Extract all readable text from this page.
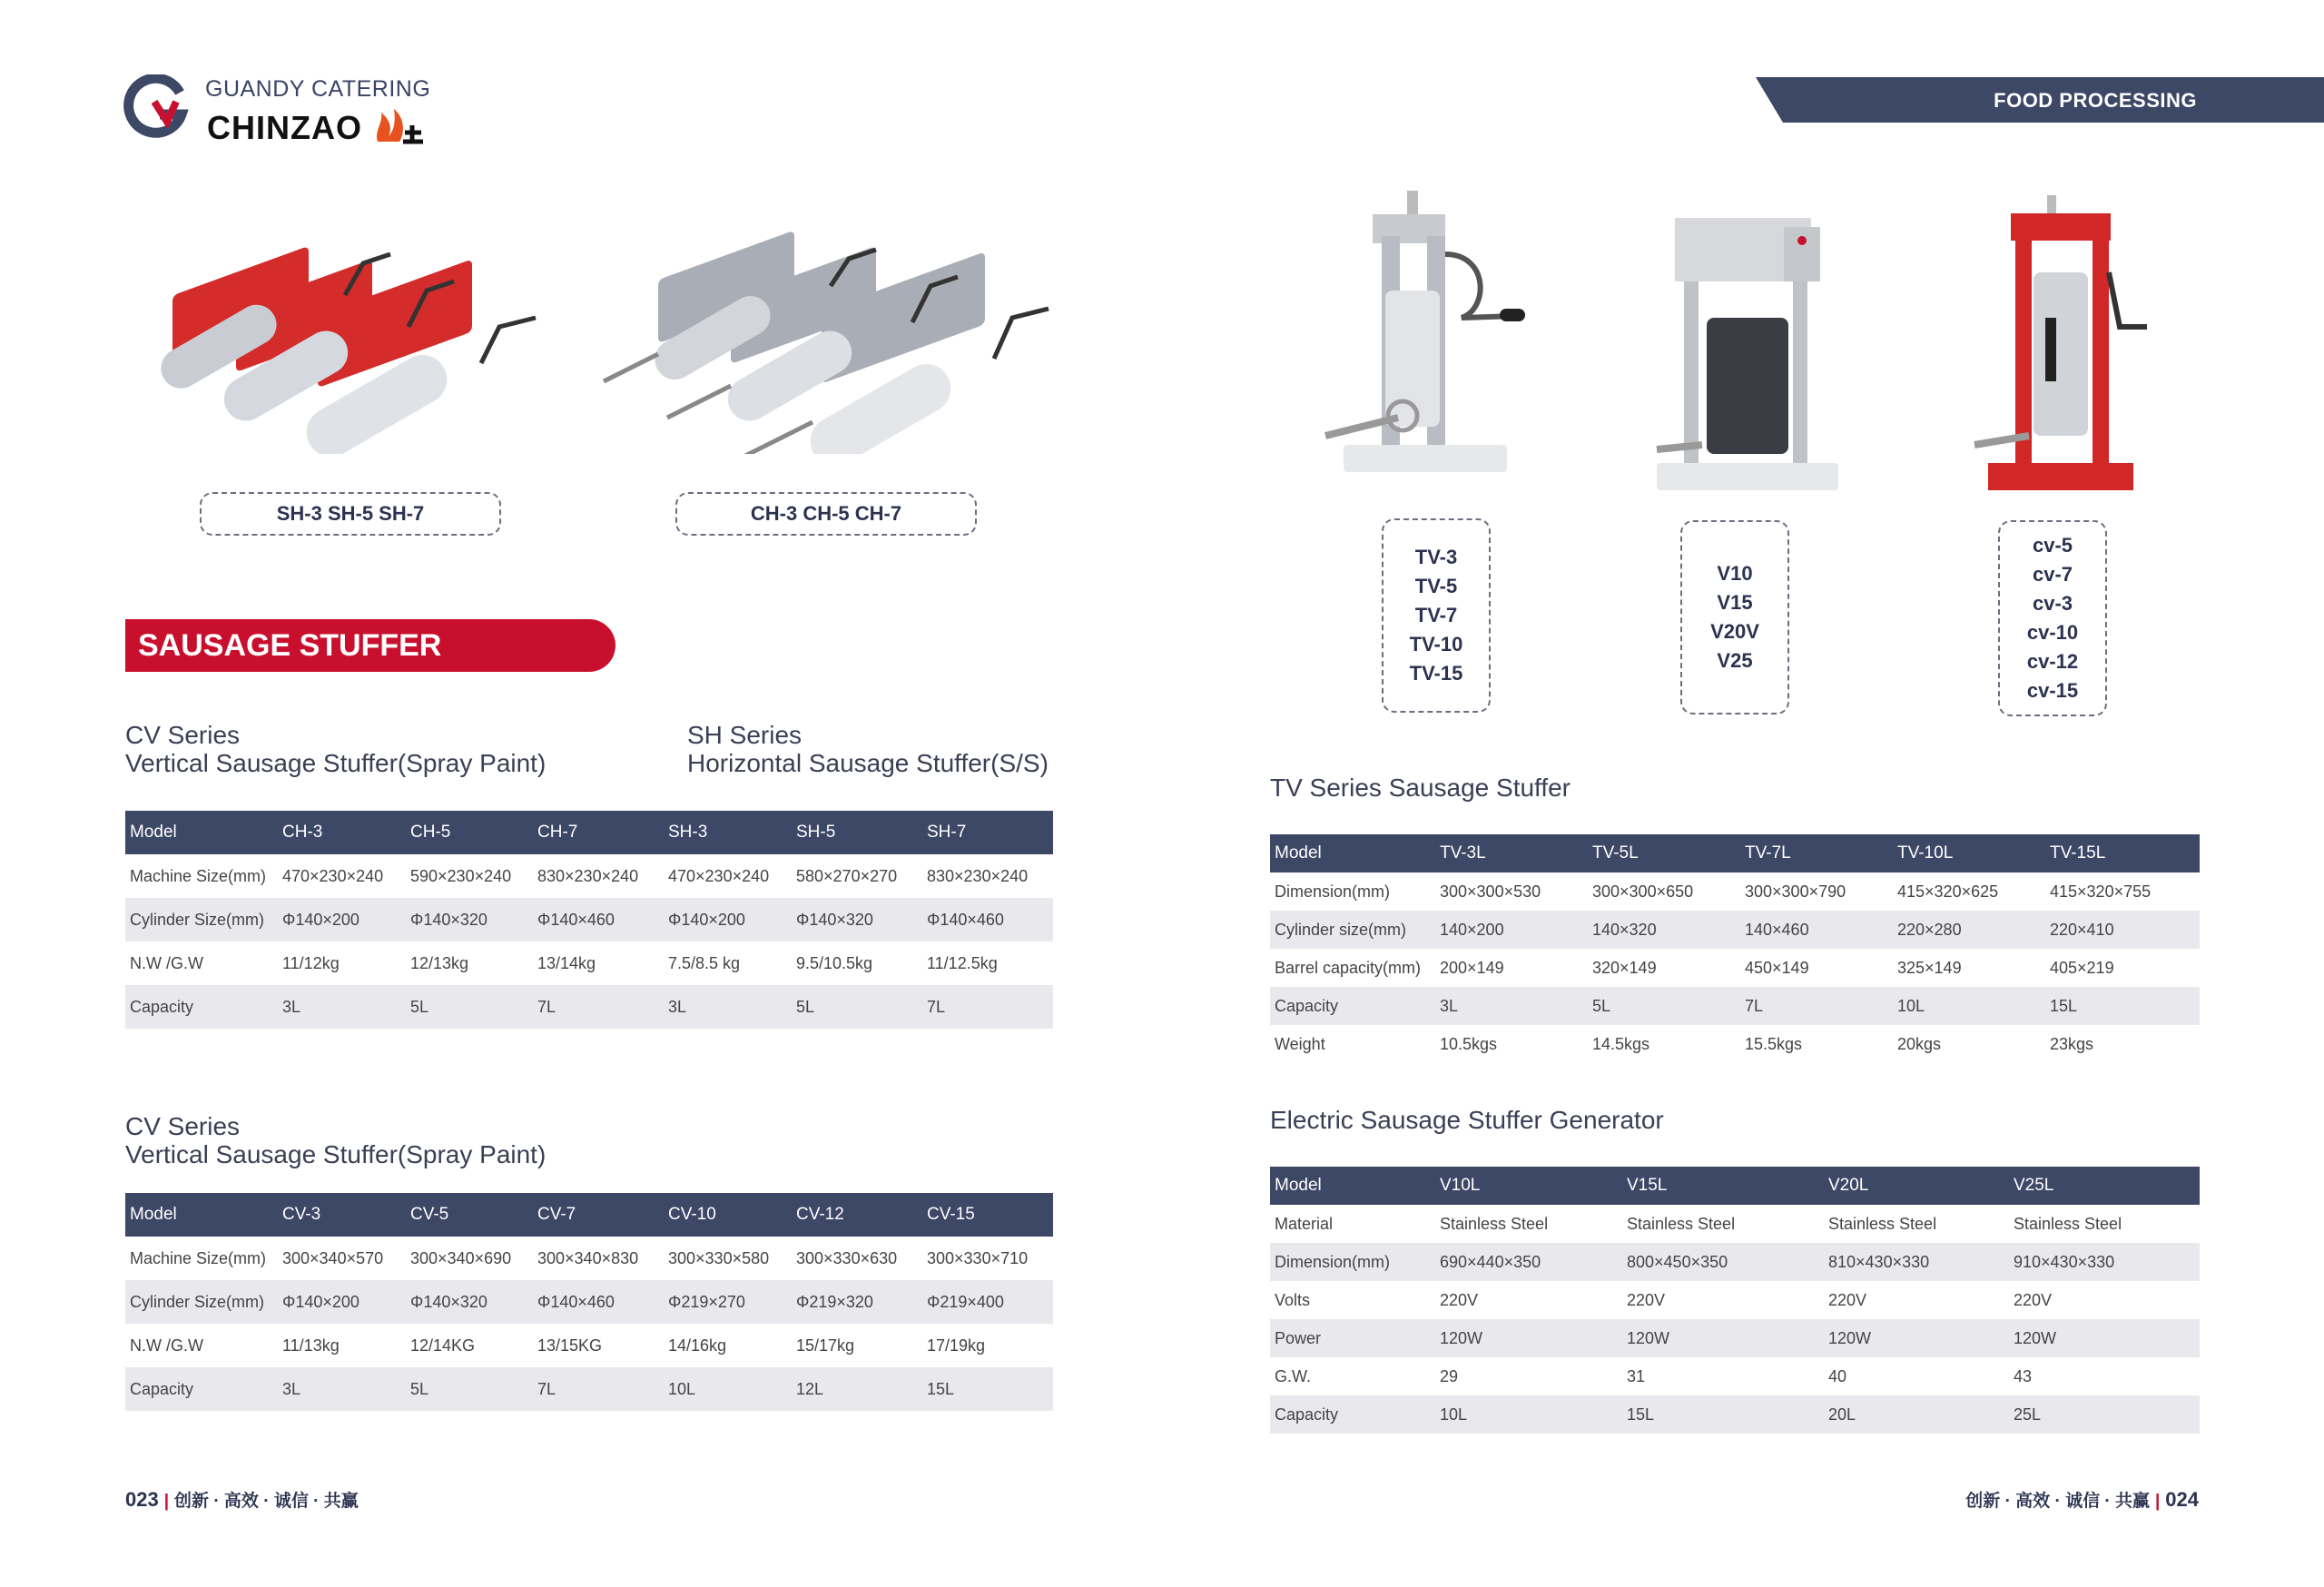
GUANDY CATERING
CHINZAO
FOOD PROCESSING
SH-3 SH-5 SH-7	CH-3 CH-5 CH-7
TV-3
TV-5
TV-7
TV-10
TV-15
V10
V15
V20V
V25
cv-5
cv-7
cv-3
cv-10
cv-12
cv-15
SAUSAGE STUFFER
CV Series
Vertical Sausage Stuffer(Spray Paint)
SH Series
Horizontal Sausage Stuffer(S/S)
Model	CH-3	CH-5	CH-7	SH-3	SH-5	SH-7
Machine Size(mm)	470×230×240	590×230×240	830×230×240	470×230×240	580×270×270	830×230×240
Cylinder Size(mm)	Φ140×200	Φ140×320	Φ140×460	Φ140×200	Φ140×320	Φ140×460
N.W /G.W	11/12kg	12/13kg	13/14kg	7.5/8.5 kg	9.5/10.5kg	11/12.5kg
Capacity	3L	5L	7L	3L	5L	7L
CV Series
Vertical Sausage Stuffer(Spray Paint)
Model	CV-3	CV-5	CV-7	CV-10	CV-12	CV-15
Machine Size(mm)	300×340×570	300×340×690	300×340×830	300×330×580	300×330×630	300×330×710
Cylinder Size(mm)	Φ140×200	Φ140×320	Φ140×460	Φ219×270	Φ219×320	Φ219×400
N.W /G.W	11/13kg	12/14KG	13/15KG	14/16kg	15/17kg	17/19kg
Capacity	3L	5L	7L	10L	12L	15L
TV Series Sausage Stuffer
Model	TV-3L	TV-5L	TV-7L	TV-10L	TV-15L
Dimension(mm)	300×300×530	300×300×650	300×300×790	415×320×625	415×320×755
Cylinder size(mm)	140×200	140×320	140×460	220×280	220×410
Barrel capacity(mm)	200×149	320×149	450×149	325×149	405×219
Capacity	3L	5L	7L	10L	15L
Weight	10.5kgs	14.5kgs	15.5kgs	20kgs	23kgs
Electric Sausage Stuffer Generator
Model	V10L	V15L	V20L	V25L
Material	Stainless Steel	Stainless Steel	Stainless Steel	Stainless Steel
Dimension(mm)	690×440×350	800×450×350	810×430×330	910×430×330
Volts	220V	220V	220V	220V
Power	120W	120W	120W	120W
G.W.	29	31	40	43
Capacity	10L	15L	20L	25L
023 | 创新 · 高效 · 诚信 · 共赢	创新 · 高效 · 诚信 · 共赢 | 024
